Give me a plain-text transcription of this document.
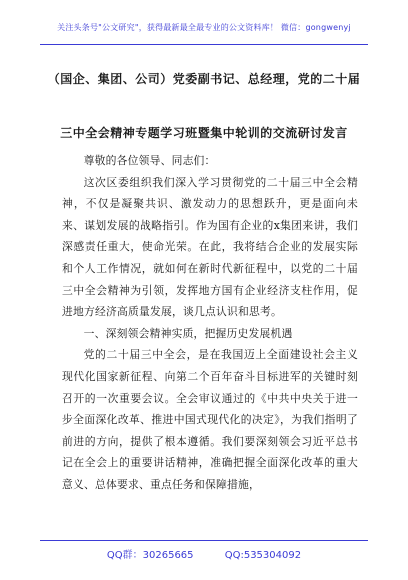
关注头条号"公文研究"，获得最新最全最专业的公文资料库！ 微信：gongwenyj
（国企、集团、公司）党委副书记、总经理，党的二十届
三中全会精神专题学习班暨集中轮训的交流研讨发言

尊敬的各位领导、同志们：

这次区委组织我们深入学习贯彻党的二十届三中全会精神，不仅是凝聚共识、激发动力的思想跃升，更是面向未来、谋划发展的战略指引。作为国有企业的x集团来讲，我们深感责任重大，使命光荣。在此，我将结合企业的发展实际和个人工作情况，就如何在新时代新征程中，以党的二十届三中全会精神为引领，发挥地方国有企业经济支柱作用，促进地方经济高质量发展，谈几点认识和思考。

一、深刻领会精神实质，把握历史发展机遇

党的二十届三中全会，是在我国迈上全面建设社会主义现代化国家新征程、向第二个百年奋斗目标进军的关键时刻召开的一次重要会议。全会审议通过的《中共中央关于进一步全面深化改革、推进中国式现代化的决定》，为我们指明了前进的方向，提供了根本遵循。我们要深刻领会习近平总书记在全会上的重要讲话精神，准确把握全面深化改革的重大意义、总体要求、重点任务和保障措施，

QQ群：30265665	QQ:535304092
